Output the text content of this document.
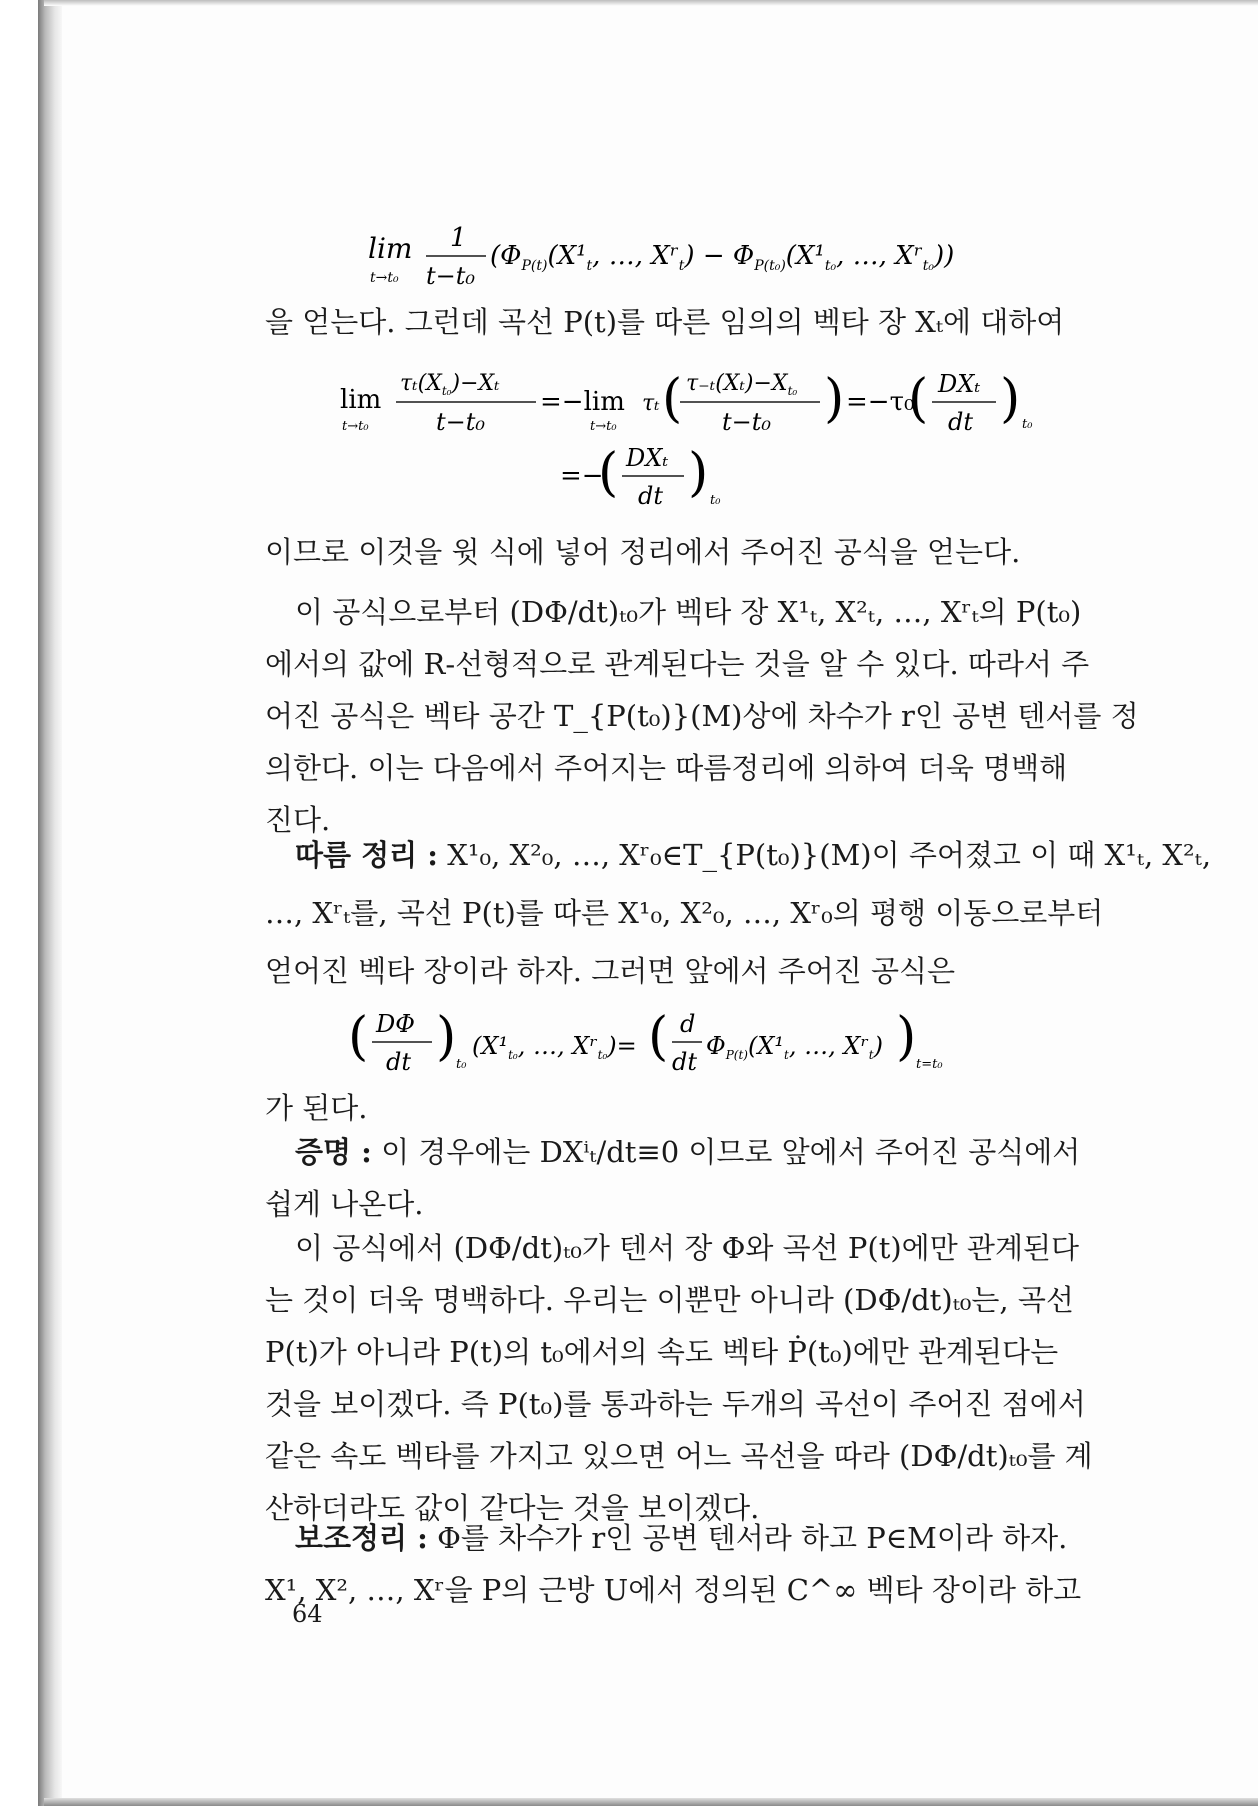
lim
t→t₀
1
t−t₀
($\Phi_{P(t)}(X^1_t$, …, Xʳ$_t$) − $\Phi_{P(t_0)}(X^1_{t_0}$, …, Xʳ$_{t_0}$))
을 얻는다. 그런데 곡선 P(t)를 따른 임의의 벡타 장 Xₜ에 대하여
lim
t→t₀
$\tau_t(X_{t_0})-X_t$
t−t₀
=−lim
t→t₀
τₜ ( $\tau_{-t}(X_t)-X_{t_0}$
t−t₀ ) =−τ₀
( DXₜ
dt ) t₀
=−
( DXₜ
dt ) t₀
이므로 이것을 윗 식에 넣어 정리에서 주어진 공식을 얻는다.
이 공식으로부터 (DΦ/dt)ₜ₀가 벡타 장 X¹ₜ, X²ₜ, …, Xʳₜ의 P(t₀)
에서의 값에 R-선형적으로 관계된다는 것을 알 수 있다. 따라서 주
어진 공식은 벡타 공간 T_{P(t₀)}(M)상에 차수가 r인 공변 텐서를 정
의한다. 이는 다음에서 주어지는 따름정리에 의하여 더욱 명백해
진다.
따름 정리 : X¹₀, X²₀, …, Xʳ₀∈T_{P(t₀)}(M)이 주어졌고 이 때 X¹ₜ, X²ₜ,
…, Xʳₜ를, 곡선 P(t)를 따른 X¹₀, X²₀, …, Xʳ₀의 평행 이동으로부터
얻어진 벡타 장이라 하자. 그러면 앞에서 주어진 공식은
( DΦ
dt ) t₀
($X^1_{t_0}$, …, Xʳ$_{t_0}$)= ( d
dt
$\Phi_{P(t)}(X^1_t$, …, Xʳ$_t$) ) t=t₀
가 된다.
증명 : 이 경우에는 DXⁱₜ/dt≡0 이므로 앞에서 주어진 공식에서
쉽게 나온다.
이 공식에서 (DΦ/dt)ₜ₀가 텐서 장 Φ와 곡선 P(t)에만 관계된다
는 것이 더욱 명백하다. 우리는 이뿐만 아니라 (DΦ/dt)ₜ₀는, 곡선
P(t)가 아니라 P(t)의 t₀에서의 속도 벡타 Ṗ(t₀)에만 관계된다는
것을 보이겠다. 즉 P(t₀)를 통과하는 두개의 곡선이 주어진 점에서
같은 속도 벡타를 가지고 있으면 어느 곡선을 따라 (DΦ/dt)ₜ₀를 계
산하더라도 값이 같다는 것을 보이겠다.
보조정리 : Φ를 차수가 r인 공변 텐서라 하고 P∈M이라 하자.
X¹, X², …, Xʳ을 P의 근방 U에서 정의된 C^∞ 벡타 장이라 하고
64
